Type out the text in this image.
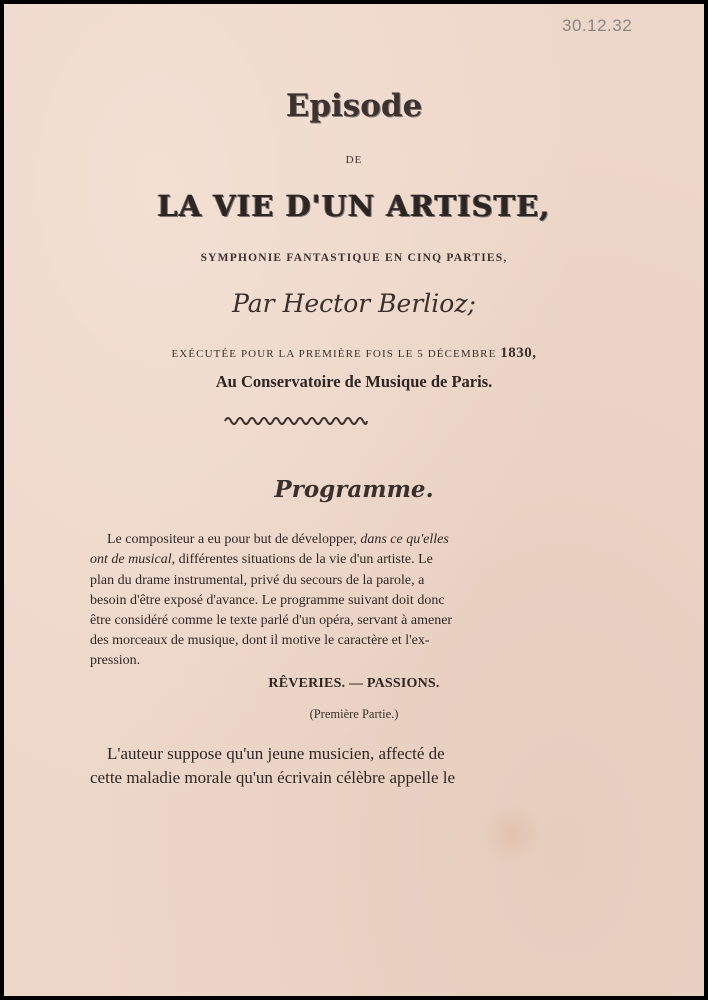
30.12.32
Episode
DE
LA VIE D'UN ARTISTE,
SYMPHONIE FANTASTIQUE EN CINQ PARTIES,
Par Hector Berlioz;
EXÉCUTÉE POUR LA PREMIÈRE FOIS LE 5 DÉCEMBRE 1830,
Au Conservatoire de Musique de Paris.
Programme.
Le compositeur a eu pour but de développer, dans ce qu'elles
ont de musical, différentes situations de la vie d'un artiste. Le
plan du drame instrumental, privé du secours de la parole, a
besoin d'être exposé d'avance. Le programme suivant doit donc
être considéré comme le texte parlé d'un opéra, servant à amener
des morceaux de musique, dont il motive le caractère et l'ex-
pression.
RÊVERIES. — PASSIONS.
(Première Partie.)
L'auteur suppose qu'un jeune musicien, affecté de
cette maladie morale qu'un écrivain célèbre appelle le
